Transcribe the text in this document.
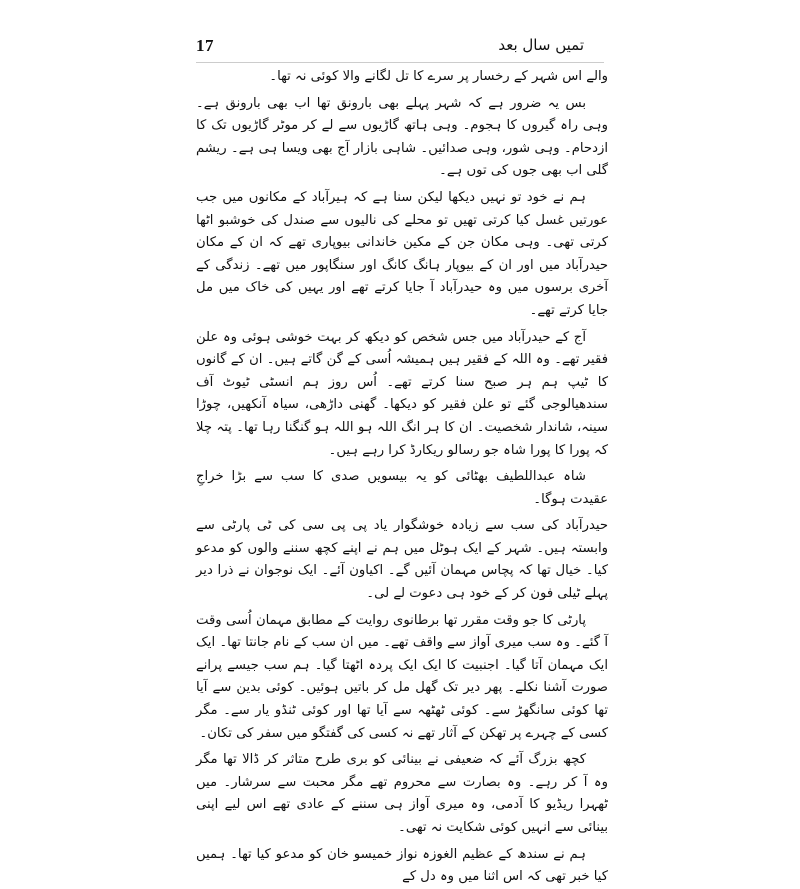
17	تمیں سال بعد

والے اس شہر کے رخسار پر سرے کا تل لگانے والا کوئی نہ تھا۔

بس یہ ضرور ہے کہ شہر پہلے بھی بارونق تھا اب بھی بارونق ہے۔ وہی راہ گیروں کا ہجوم۔ وہی ہاتھ گاڑیوں سے لے کر موٹر گاڑیوں تک کا ازدحام۔ وہی شور، وہی صدائیں۔ شاہی بازار آج بھی ویسا ہی ہے۔ ریشم گلی اب بھی جوں کی توں ہے۔

ہم نے خود تو نہیں دیکھا لیکن سنا ہے کہ ہیرآباد کے مکانوں میں جب عورتیں غسل کیا کرتی تھیں تو محلے کی نالیوں سے صندل کی خوشبو اٹھا کرتی تھی۔ وہی مکان جن کے مکین خاندانی بیوپاری تھے کہ ان کے مکان حیدرآباد میں اور ان کے بیوپار ہانگ کانگ اور سنگاپور میں تھے۔ زندگی کے آخری برسوں میں وہ حیدرآباد آ جایا کرتے تھے اور یہیں کی خاک میں مل جایا کرتے تھے۔

آج کے حیدرآباد میں جس شخص کو دیکھ کر بہت خوشی ہوئی وہ علن فقیر تھے۔ وہ اللہ کے فقیر ہیں ہمیشہ اُسی کے گن گاتے ہیں۔ ان کے گانوں کا ٹیپ ہم ہر صبح سنا کرتے تھے۔ اُس روز ہم انسٹی ٹیوٹ آف سندھیالوجی گئے تو علن فقیر کو دیکھا۔ گھنی داڑھی، سیاہ آنکھیں، چوڑا سینہ، شاندار شخصیت۔ ان کا ہر انگ اللہ ہو اللہ ہو گنگنا رہا تھا۔ پتہ چلا کہ پورا کا پورا شاہ جو رسالو ریکارڈ کرا رہے ہیں۔

شاہ عبداللطیف بھٹائی کو یہ بیسویں صدی کا سب سے بڑا خراجِ عقیدت ہوگا۔

حیدرآباد کی سب سے زیادہ خوشگوار یاد پی پی سی کی ٹی پارٹی سے وابستہ ہیں۔ شہر کے ایک ہوٹل میں ہم نے اپنے کچھ سننے والوں کو مدعو کیا۔ خیال تھا کہ پچاس مہمان آئیں گے۔ اکیاون آئے۔ ایک نوجوان نے ذرا دیر پہلے ٹیلی فون کر کے خود ہی دعوت لے لی۔

پارٹی کا جو وقت مقرر تھا برطانوی روایت کے مطابق مہمان اُسی وقت آ گئے۔ وہ سب میری آواز سے واقف تھے۔ میں ان سب کے نام جانتا تھا۔ ایک ایک مہمان آتا گیا۔ اجنبیت کا ایک ایک پردہ اٹھتا گیا۔ ہم سب جیسے پرانے صورت آشنا نکلے۔ پھر دیر تک گھل مل کر باتیں ہوئیں۔ کوئی بدین سے آیا تھا کوئی سانگھڑ سے۔ کوئی ٹھٹھہ سے آیا تھا اور کوئی ٹنڈو یار سے۔ مگر کسی کے چہرے پر تھکن کے آثار تھے نہ کسی کی گفتگو میں سفر کی تکان۔

کچھ بزرگ آئے کہ ضعیفی نے بینائی کو بری طرح متاثر کر ڈالا تھا مگر وہ آ کر رہے۔ وہ بصارت سے محروم تھے مگر محبت سے سرشار۔ میں ٹھہرا ریڈیو کا آدمی، وہ میری آواز ہی سننے کے عادی تھے اس لیے اپنی بینائی سے انہیں کوئی شکایت نہ تھی۔

ہم نے سندھ کے عظیم الغوزہ نواز خمیسو خان کو مدعو کیا تھا۔ ہمیں کیا خبر تھی کہ اس اثنا میں وہ دل کے
